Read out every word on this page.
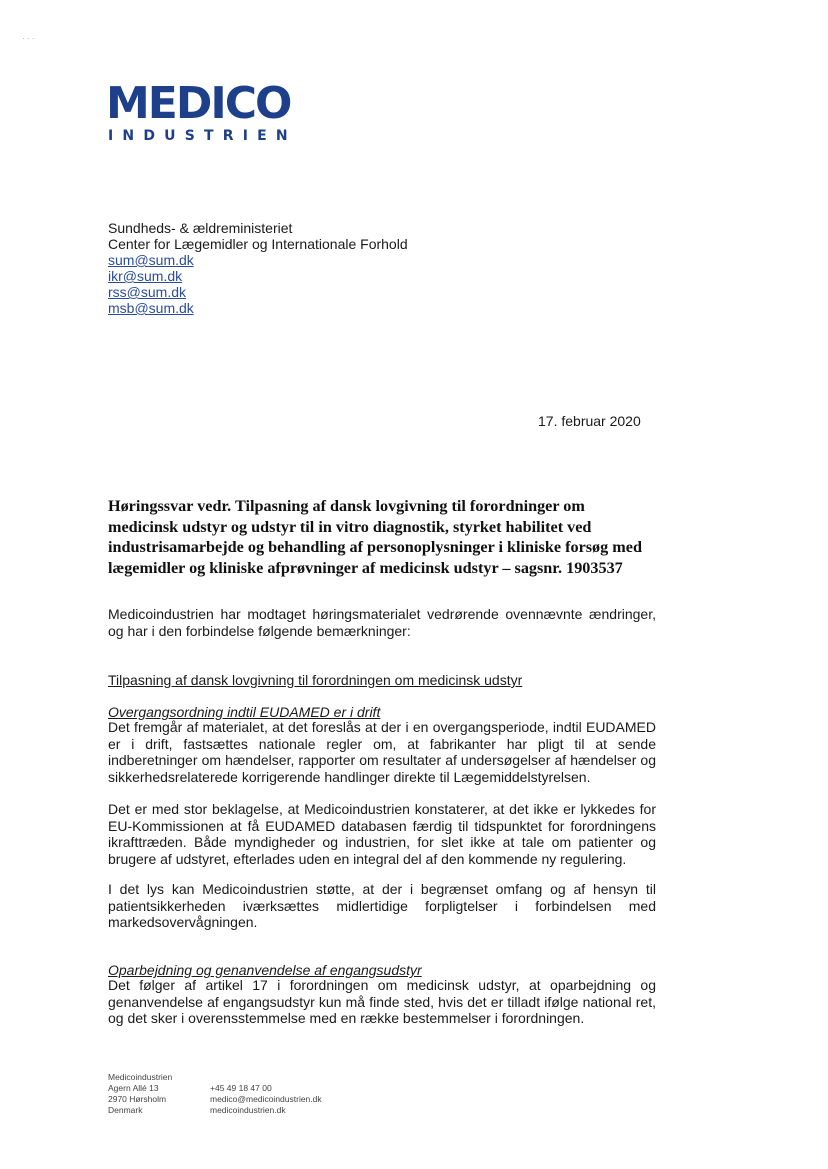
· · ·
MEDICO
INDUSTRIEN
Sundheds- & ældreministeriet
Center for Lægemidler og Internationale Forhold
sum@sum.dk
ikr@sum.dk
rss@sum.dk
msb@sum.dk
17. februar 2020
Høringssvar vedr. Tilpasning af dansk lovgivning til forordninger om medicinsk udstyr og udstyr til in vitro diagnostik, styrket habilitet ved industrisamarbejde og behandling af personoplysninger i kliniske forsøg med lægemidler og kliniske afprøvninger af medicinsk udstyr – sagsnr. 1903537
Medicoindustrien har modtaget høringsmaterialet vedrørende ovennævnte ændringer, og har i den forbindelse følgende bemærkninger:
Tilpasning af dansk lovgivning til forordningen om medicinsk udstyr
Overgangsordning indtil EUDAMED er i drift
Det fremgår af materialet, at det foreslås at der i en overgangsperiode, indtil EUDAMED er i drift, fastsættes nationale regler om, at fabrikanter har pligt til at sende indberetninger om hændelser, rapporter om resultater af undersøgelser af hændelser og sikkerhedsrelaterede korrigerende handlinger direkte til Lægemiddelstyrelsen.
Det er med stor beklagelse, at Medicoindustrien konstaterer, at det ikke er lykkedes for EU-Kommissionen at få EUDAMED databasen færdig til tidspunktet for forordningens ikrafttræden. Både myndigheder og industrien, for slet ikke at tale om patienter og brugere af udstyret, efterlades uden en integral del af den kommende ny regulering.
I det lys kan Medicoindustrien støtte, at der i begrænset omfang og af hensyn til patientsikkerheden iværksættes midlertidige forpligtelser i forbindelsen med markedsovervågningen.
Oparbejdning og genanvendelse af engangsudstyr
Det følger af artikel 17 i forordningen om medicinsk udstyr, at oparbejdning og genanvendelse af engangsudstyr kun må finde sted, hvis det er tilladt ifølge national ret, og det sker i overensstemmelse med en række bestemmelser i forordningen.
Medicoindustrien
Agern Allé 13
2970 Hørsholm
Denmark
+45 49 18 47 00
medico@medicoindustrien.dk
medicoindustrien.dk
